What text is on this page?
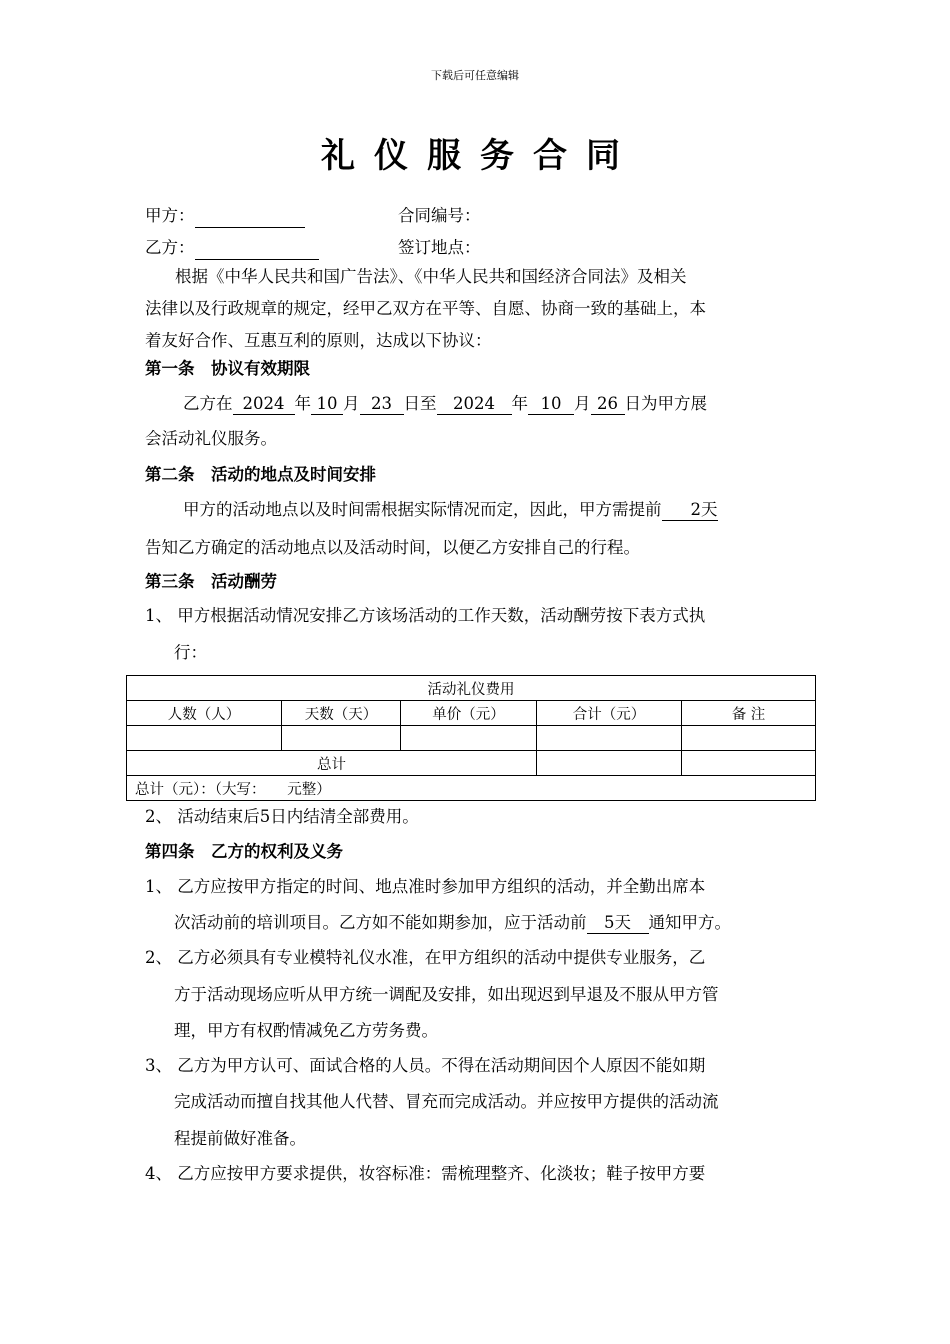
下载后可任意编辑
礼仪服务合同
甲方：	合同编号：
乙方：	签订地点：
根据《中华人民共和国广告法》、《中华人民共和国经济合同法》及相关
法律以及行政规章的规定，经甲乙双方在平等、自愿、协商一致的基础上，本
着友好合作、互惠互利的原则，达成以下协议：
第一条　协议有效期限
乙方在 2024 年 10 月 23 日至 2024 年 10 月 26 日为甲方展
会活动礼仪服务。
第二条　活动的地点及时间安排
甲方的活动地点以及时间需根据实际情况而定，因此，甲方需提前 2天
告知乙方确定的活动地点以及活动时间，以便乙方安排自己的行程。
第三条　活动酬劳
1、 甲方根据活动情况安排乙方该场活动的工作天数，活动酬劳按下表方式执
行：
活动礼仪费用				
人数（人）	天数（天）	单价（元）	合计（元）	备 注

总计				
总计（元）：（大写：　　元整）				
2、 活动结束后5日内结清全部费用。
第四条　乙方的权利及义务
1、 乙方应按甲方指定的时间、地点准时参加甲方组织的活动，并全勤出席本
次活动前的培训项目。乙方如不能如期参加，应于活动前 5天 通知甲方。
2、 乙方必须具有专业模特礼仪水准，在甲方组织的活动中提供专业服务，乙
方于活动现场应听从甲方统一调配及安排，如出现迟到早退及不服从甲方管
理，甲方有权酌情减免乙方劳务费。
3、 乙方为甲方认可、面试合格的人员。不得在活动期间因个人原因不能如期
完成活动而擅自找其他人代替、冒充而完成活动。并应按甲方提供的活动流
程提前做好准备。
4、 乙方应按甲方要求提供，妆容标准：需梳理整齐、化淡妆；鞋子按甲方要
